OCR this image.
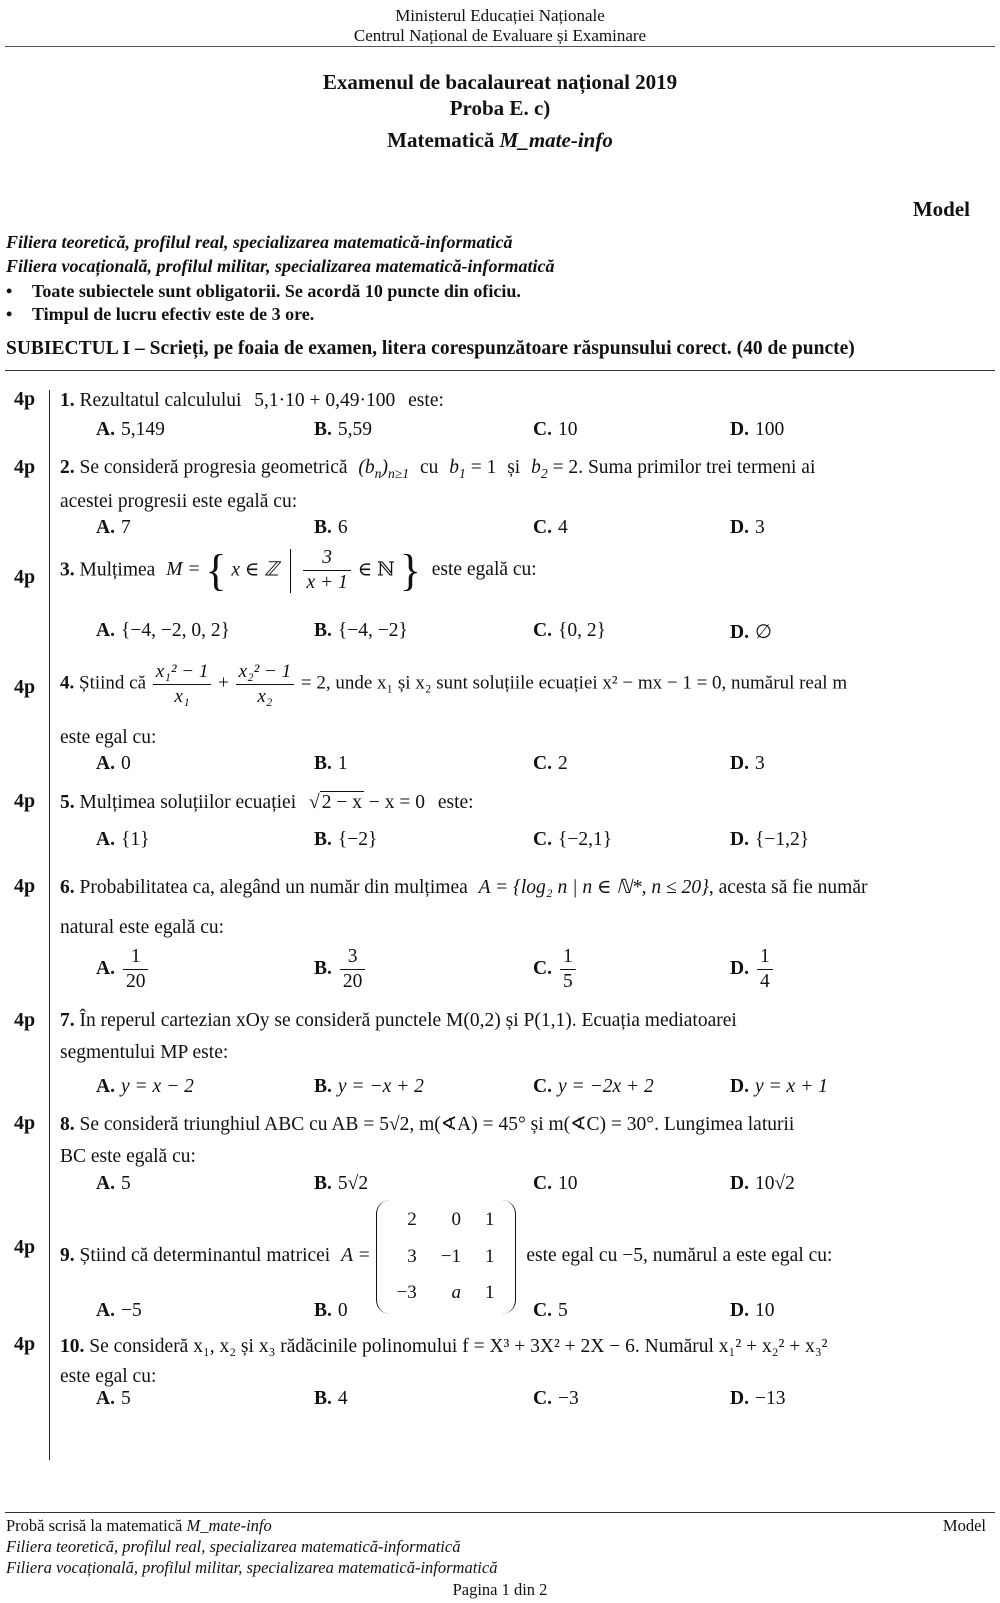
Ministerul Educației Naționale
Centrul Național de Evaluare și Examinare
Examenul de bacalaureat național 2019
Proba E. c)
Matematică M_mate-info
Model
Filiera teoretică, profilul real, specializarea matematică-informatică
Filiera vocațională, profilul militar, specializarea matematică-informatică
• Toate subiectele sunt obligatorii. Se acordă 10 puncte din oficiu.
• Timpul de lucru efectiv este de 3 ore.
SUBIECTUL I – Scrieți, pe foaia de examen, litera corespunzătoare răspunsului corect. (40 de puncte)
4p
4p
4p
4p
4p
4p
4p
4p
4p
4p
1. Rezultatul calculului 5,1·10 + 0,49·100 este:
A. 5,149	B. 5,59	C. 10	D. 100
2. Se consideră progresia geometrică $(b_n)_{n\ge 1}$ cu $b_1 = 1$ și $b_2 = 2$. Suma primilor trei termeni ai
acestei progresii este egală cu:
A. 7	B. 6	C. 4	D. 3
3. Mulțimea M = { x ∈ ℤ $\frac{3}{x + 1}$ ∈ ℕ } este egală cu:
A. {−4, −2, 0, 2}	B. {−4, −2}	C. {0, 2}	D. ∅
4. Știind că $\frac{\text{x₁² − 1}}{\text{x₁}} + \frac{\text{x₂² − 1}}{\text{x₂}} = 2$, unde x₁ și x₂ sunt soluțiile ecuației x² − mx − 1 = 0, numărul real m
este egal cu:
A. 0	B. 1	C. 2	D. 3
5. Mulțimea soluțiilor ecuației √ 2 − x − x = 0 este:
A. {1}	B. {−2}	C. {−2,1}	D. {−1,2}
6. Probabilitatea ca, alegând un număr din mulțimea A = {log₂ n | n ∈ ℕ*, n ≤ 20}, acesta să fie număr
natural este egală cu:
A. $\frac{1}{20}$	B. $\frac{3}{20}$	C. $\frac{1}{5}$	D. $\frac{1}{4}$
7. În reperul cartezian xOy se consideră punctele M(0,2) și P(1,1). Ecuația mediatoarei
segmentului MP este:
A. y = x − 2	B. y = −x + 2	C. y = −2x + 2	D. y = x + 1
8. Se consideră triunghiul ABC cu AB = 5√2, m(∢A) = 45° și m(∢C) = 30°. Lungimea laturii
BC este egală cu:
A. 5	B. 5√2	C. 10	D. 10√2
9. Știind că determinantul matricei A =
2	0	1
3	−1	1
−3	a	1
este egal cu −5, numărul a este egal cu:
A. −5	B. 0	C. 5	D. 10
10. Se consideră x₁, x₂ și x₃ rădăcinile polinomului f = X³ + 3X² + 2X − 6. Numărul x₁² + x₂² + x₃²
este egal cu:
A. 5	B. 4	C. −3	D. −13
Probă scrisă la matematică M_mate-info	Model
Filiera teoretică, profilul real, specializarea matematică-informatică
Filiera vocațională, profilul militar, specializarea matematică-informatică
Pagina 1 din 2
